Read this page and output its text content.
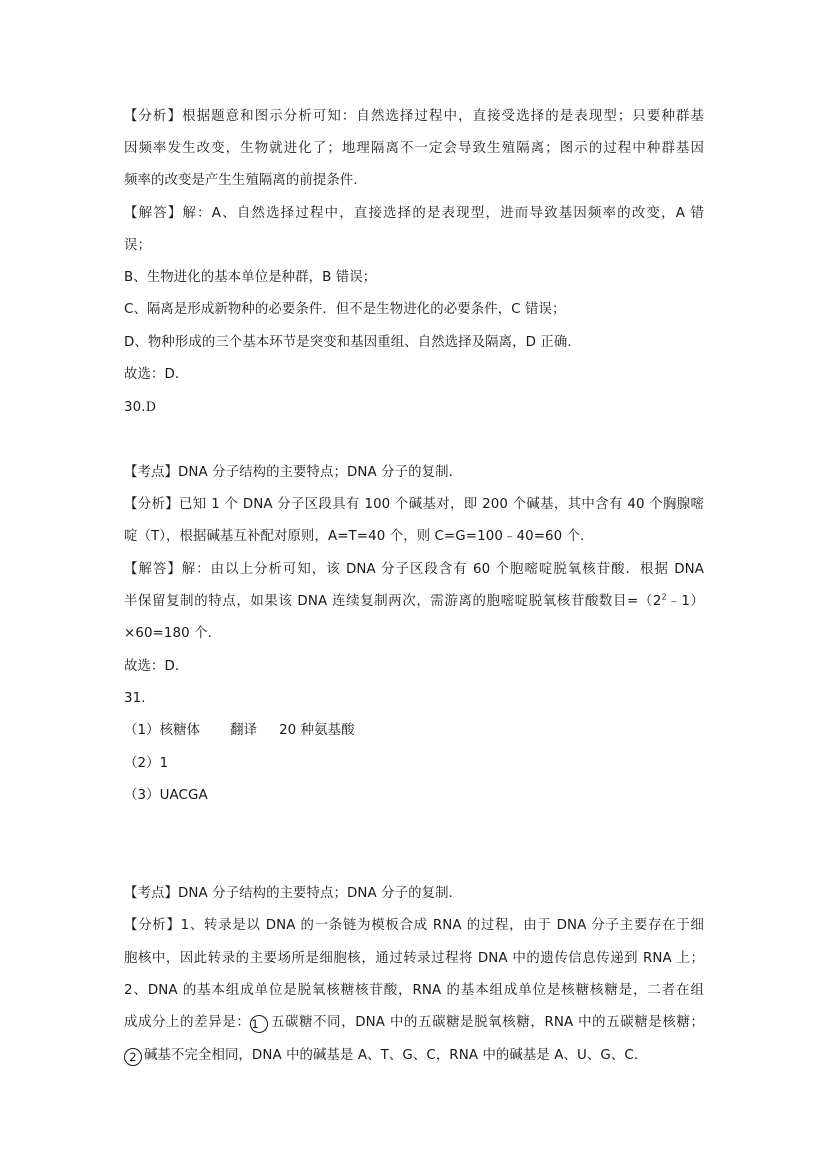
【分析】根据题意和图示分析可知：自然选择过程中，直接受选择的是表现型；只要种群基
因频率发生改变，生物就进化了；地理隔离不一定会导致生殖隔离；图示的过程中种群基因
频率的改变是产生生殖隔离的前提条件．
【解答】解：A、自然选择过程中，直接选择的是表现型，进而导致基因频率的改变，A 错
误；
B、生物进化的基本单位是种群，B 错误；
C、隔离是形成新物种的必要条件．但不是生物进化的必要条件，C 错误；
D、物种形成的三个基本环节是突变和基因重组、自然选择及隔离，D 正确．
故选：D．
30.D
【考点】DNA 分子结构的主要特点；DNA 分子的复制．
【分析】已知 1 个 DNA 分子区段具有 100 个碱基对，即 200 个碱基，其中含有 40 个胸腺嘧
啶（T），根据碱基互补配对原则，A=T=40 个，则 C=G=100﹣40=60 个．
【解答】解：由以上分析可知，该 DNA 分子区段含有 60 个胞嘧啶脱氧核苷酸．根据 DNA
半保留复制的特点，如果该 DNA 连续复制两次，需游离的胞嘧啶脱氧核苷酸数目$=(2^2﹣1)$
×60=180 个．
故选：D．
31.
（1）核糖体 翻译 20 种氨基酸
（2）1
（3）UACGA
【考点】DNA 分子结构的主要特点；DNA 分子的复制．
【分析】1、转录是以 DNA 的一条链为模板合成 RNA 的过程，由于 DNA 分子主要存在于细
胞核中，因此转录的主要场所是细胞核，通过转录过程将 DNA 中的遗传信息传递到 RNA 上；
2、DNA 的基本组成单位是脱氧核糖核苷酸，RNA 的基本组成单位是核糖核糖是，二者在组
成成分上的差异是：1 五碳糖不同，DNA 中的五碳糖是脱氧核糖，RNA 中的五碳糖是核糖；
2 碱基不完全相同，DNA 中的碱基是 A、T、G、C，RNA 中的碱基是 A、U、G、C.
